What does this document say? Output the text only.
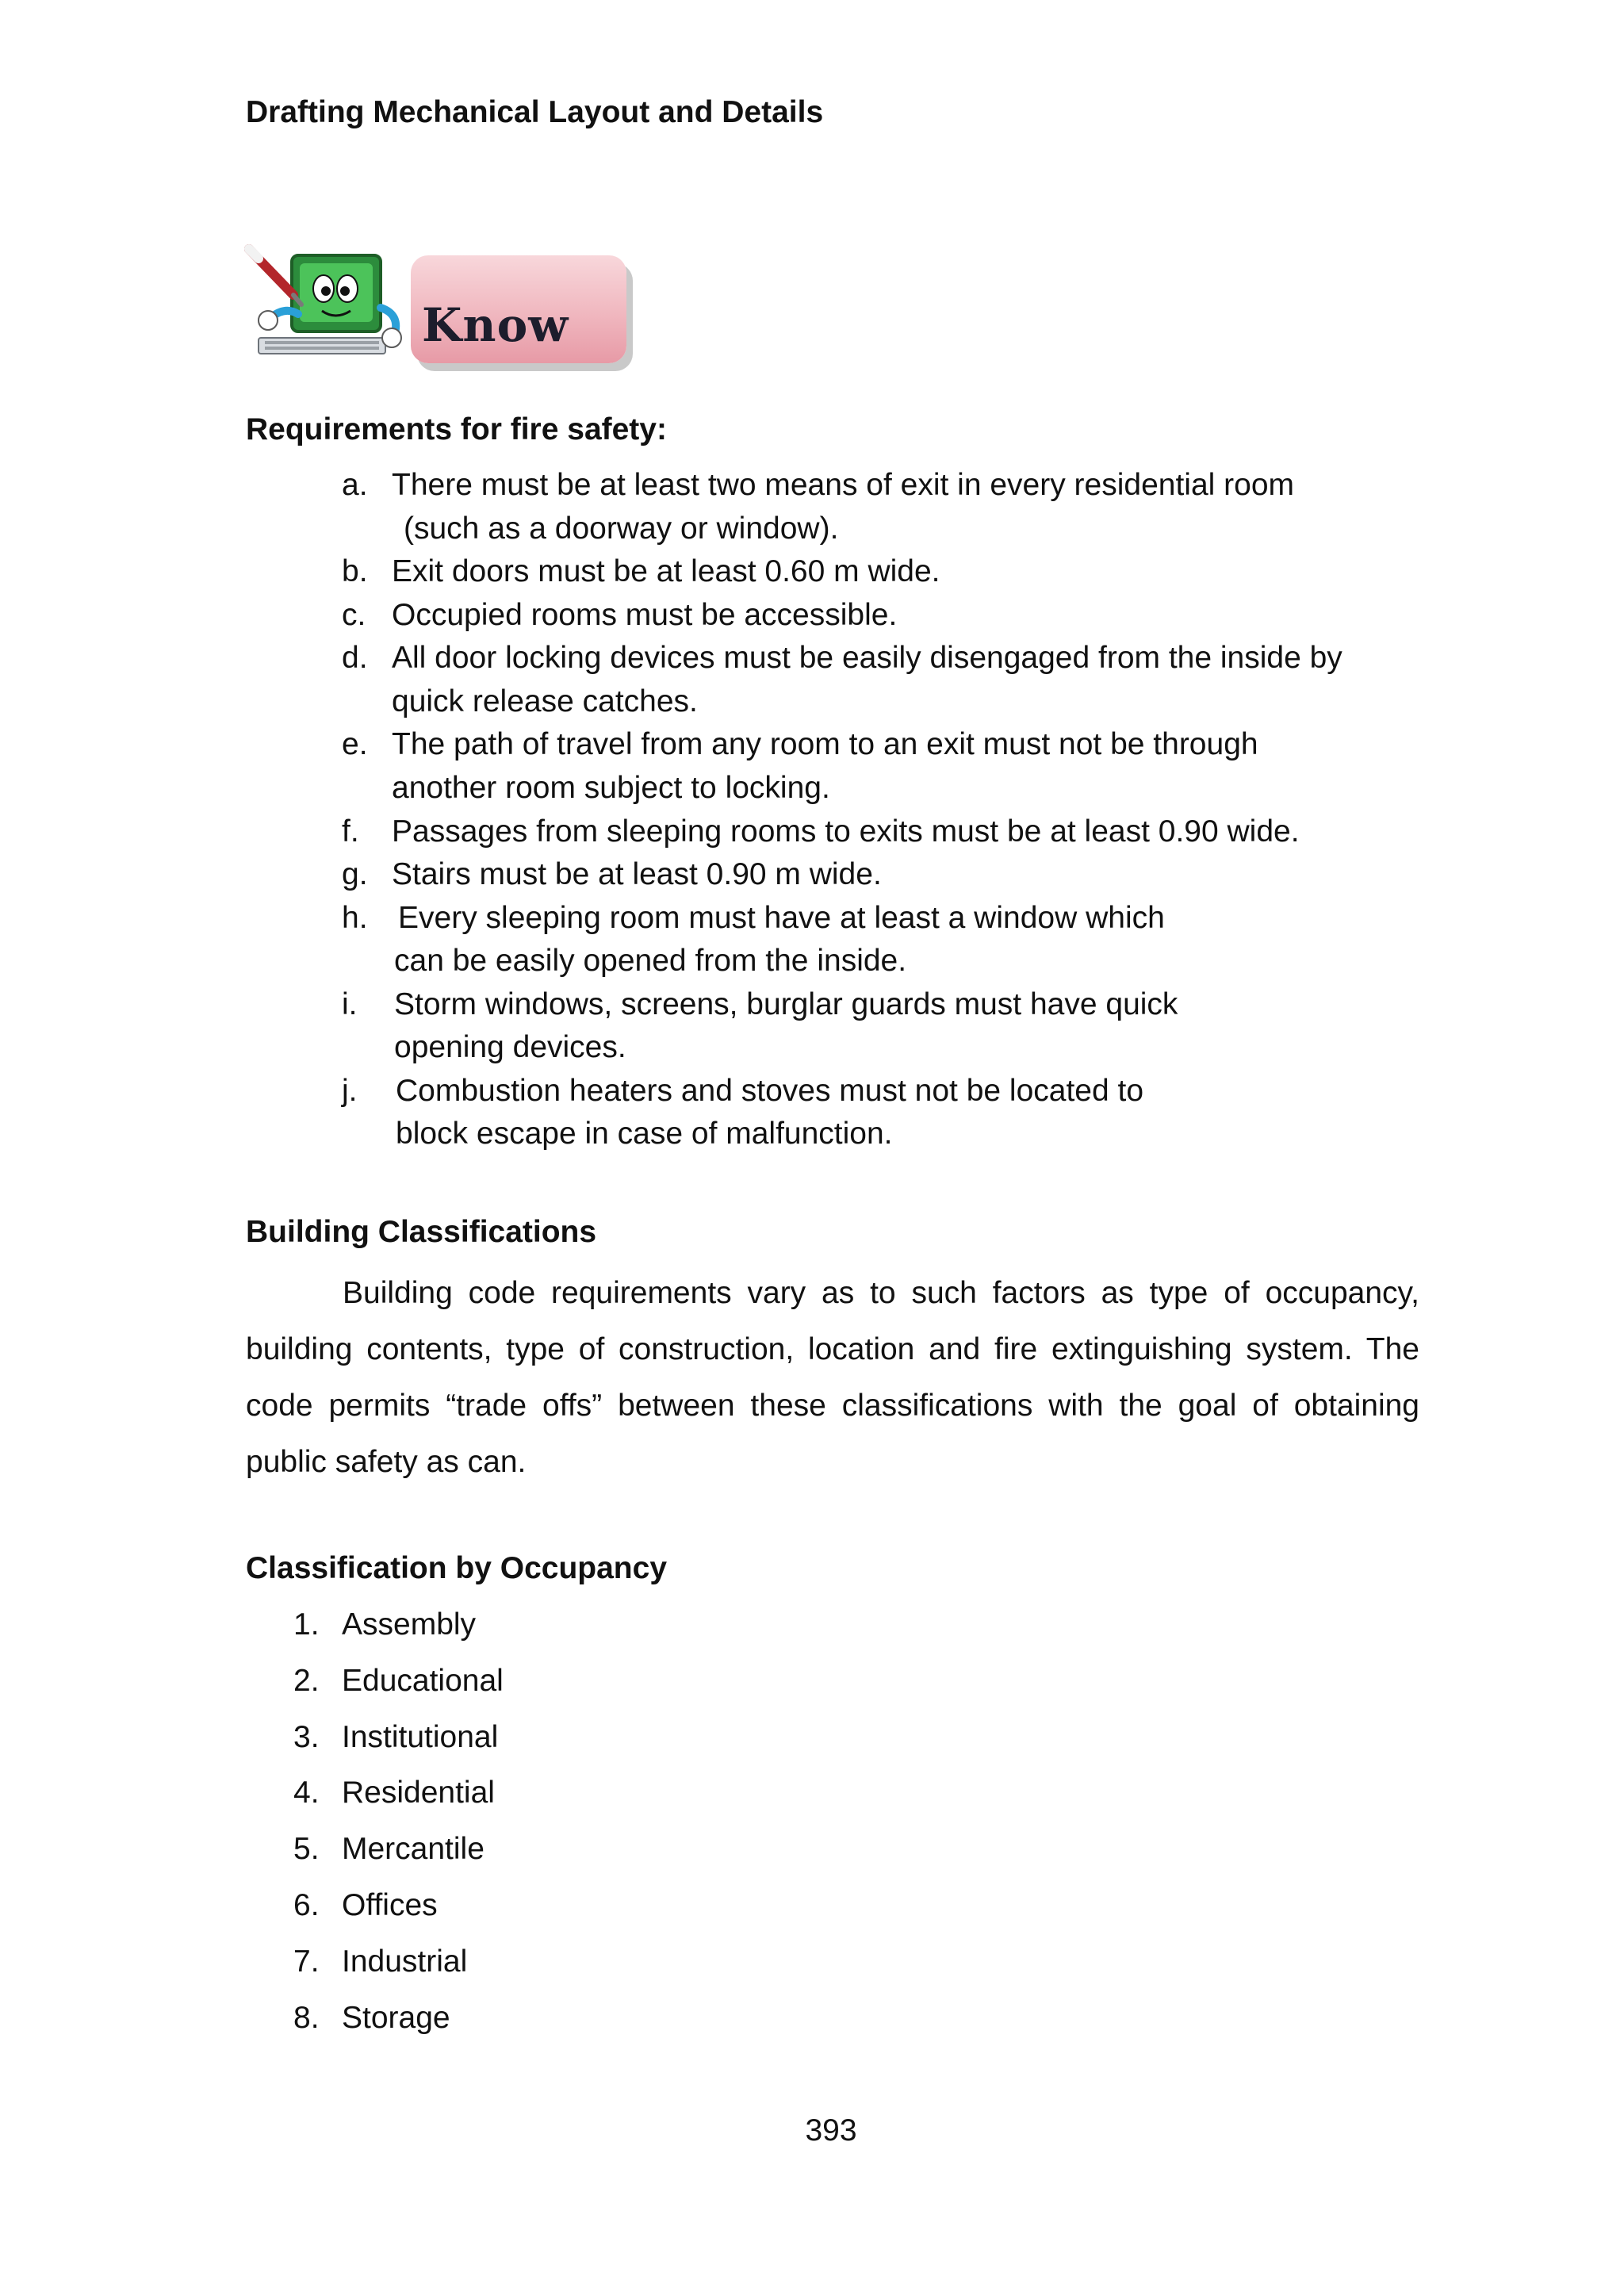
Drafting Mechanical Layout and Details
Know
Requirements for fire safety:
a. There must be at least two means of exit in every residential room
(such as a doorway or window).
b. Exit doors must be at least 0.60 m wide.
c. Occupied rooms must be accessible.
d. All door locking devices must be easily disengaged from the inside by
quick release catches.
e. The path of travel from any room to an exit must not be through
another room subject to locking.
f. Passages from sleeping rooms to exits must be at least 0.90 wide.
g. Stairs must be at least 0.90 m wide.
h. Every sleeping room must have at least a window which
can be easily opened from the inside.
i. Storm windows, screens, burglar guards must have quick
opening devices.
j. Combustion heaters and stoves must not be located to
block escape in case of malfunction.
Building Classifications
Building code requirements vary as to such factors as type of occupancy, building contents, type of construction, location and fire extinguishing system. The code permits “trade offs” between these classifications with the goal of obtaining public safety as can.
Classification by Occupancy
1. Assembly
2. Educational
3. Institutional
4. Residential
5. Mercantile
6. Offices
7. Industrial
8. Storage
393
